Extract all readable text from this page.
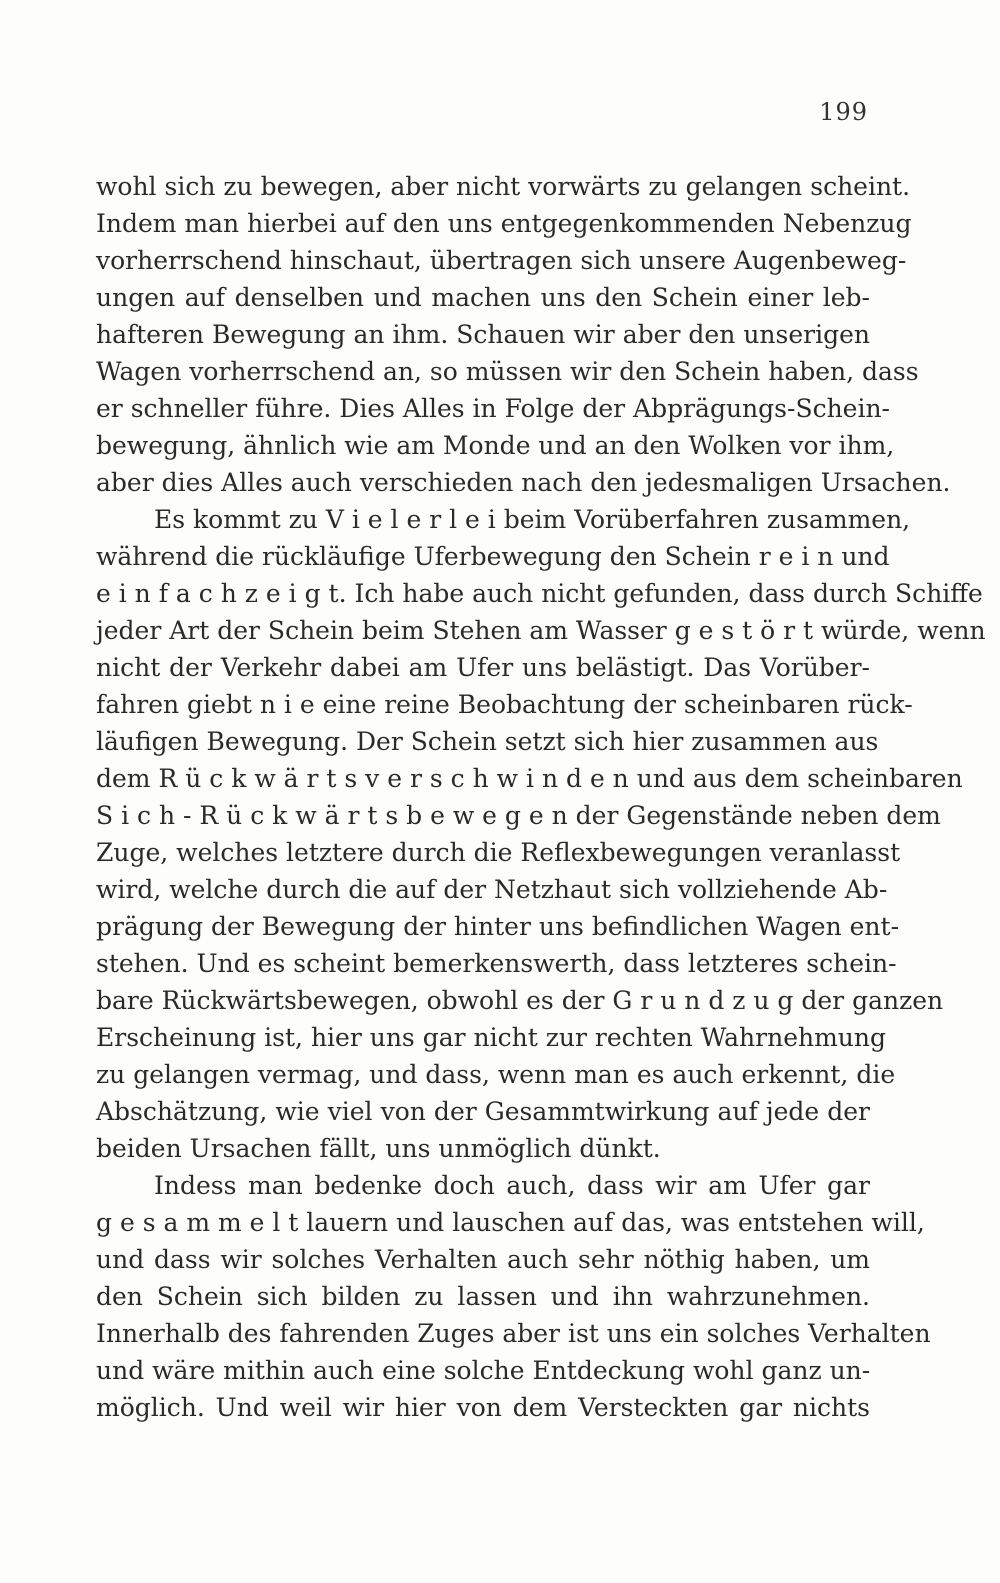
199
wohl sich zu bewegen, aber nicht vorwärts zu gelangen scheint.
Indem man hierbei auf den uns entgegenkommenden Nebenzug
vorherrschend hinschaut, übertragen sich unsere Augenbeweg-
ungen auf denselben und machen uns den Schein einer leb-
hafteren Bewegung an ihm. Schauen wir aber den unserigen
Wagen vorherrschend an, so müssen wir den Schein haben, dass
er schneller führe. Dies Alles in Folge der Abprägungs-Schein-
bewegung, ähnlich wie am Monde und an den Wolken vor ihm,
aber dies Alles auch verschieden nach den jedesmaligen Ursachen.
Es kommt zu V i e l e r l e i beim Vorüberfahren zusammen,
während die rückläufige Uferbewegung den Schein r e i n und
e i n f a c h z e i g t. Ich habe auch nicht gefunden, dass durch Schiffe
jeder Art der Schein beim Stehen am Wasser g e s t ö r t würde, wenn
nicht der Verkehr dabei am Ufer uns belästigt. Das Vorüber-
fahren giebt n i e eine reine Beobachtung der scheinbaren rück-
läufigen Bewegung. Der Schein setzt sich hier zusammen aus
dem R ü c k w ä r t s v e r s c h w i n d e n und aus dem scheinbaren
S i c h - R ü c k w ä r t s b e w e g e n der Gegenstände neben dem
Zuge, welches letztere durch die Reflexbewegungen veranlasst
wird, welche durch die auf der Netzhaut sich vollziehende Ab-
prägung der Bewegung der hinter uns befindlichen Wagen ent-
stehen. Und es scheint bemerkenswerth, dass letzteres schein-
bare Rückwärtsbewegen, obwohl es der G r u n d z u g der ganzen
Erscheinung ist, hier uns gar nicht zur rechten Wahrnehmung
zu gelangen vermag, und dass, wenn man es auch erkennt, die
Abschätzung, wie viel von der Gesammtwirkung auf jede der
beiden Ursachen fällt, uns unmöglich dünkt.
Indess man bedenke doch auch, dass wir am Ufer gar
g e s a m m e l t lauern und lauschen auf das, was entstehen will,
und dass wir solches Verhalten auch sehr nöthig haben, um
den Schein sich bilden zu lassen und ihn wahrzunehmen.
Innerhalb des fahrenden Zuges aber ist uns ein solches Verhalten
und wäre mithin auch eine solche Entdeckung wohl ganz un-
möglich. Und weil wir hier von dem Versteckten gar nichts
